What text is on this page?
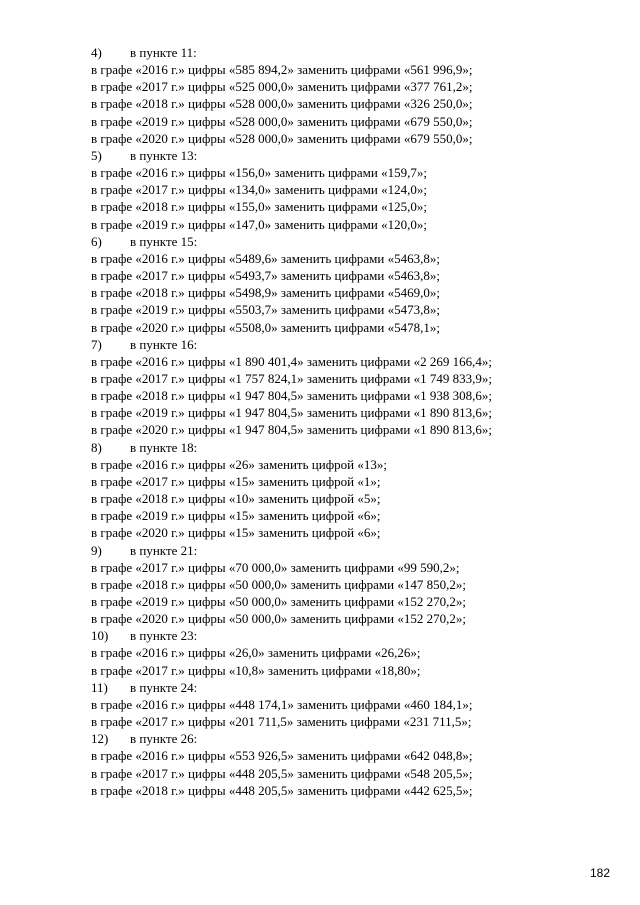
4)	в пункте 11:
в графе «2016 г.» цифры «585 894,2» заменить цифрами «561 996,9»;
в графе «2017 г.» цифры «525 000,0» заменить цифрами «377 761,2»;
в графе «2018 г.» цифры «528 000,0» заменить цифрами «326 250,0»;
в графе «2019 г.» цифры «528 000,0» заменить цифрами «679 550,0»;
в графе «2020 г.» цифры «528 000,0» заменить цифрами «679 550,0»;
5)	в пункте 13:
в графе «2016 г.» цифры «156,0» заменить цифрами «159,7»;
в графе «2017 г.» цифры «134,0» заменить цифрами «124,0»;
в графе «2018 г.» цифры «155,0» заменить цифрами «125,0»;
в графе «2019 г.» цифры «147,0» заменить цифрами «120,0»;
6)	в пункте 15:
в графе «2016 г.» цифры «5489,6» заменить цифрами «5463,8»;
в графе «2017 г.» цифры «5493,7» заменить цифрами «5463,8»;
в графе «2018 г.» цифры «5498,9» заменить цифрами «5469,0»;
в графе «2019 г.» цифры «5503,7» заменить цифрами «5473,8»;
в графе «2020 г.» цифры «5508,0» заменить цифрами «5478,1»;
7)	в пункте 16:
в графе «2016 г.» цифры «1 890 401,4» заменить цифрами «2 269 166,4»;
в графе «2017 г.» цифры «1 757 824,1» заменить цифрами «1 749 833,9»;
в графе «2018 г.» цифры «1 947 804,5» заменить цифрами «1 938 308,6»;
в графе «2019 г.» цифры «1 947 804,5» заменить цифрами «1 890 813,6»;
в графе «2020 г.» цифры «1 947 804,5» заменить цифрами «1 890 813,6»;
8)	в пункте 18:
в графе «2016 г.» цифры «26» заменить цифрой «13»;
в графе «2017 г.» цифры «15» заменить цифрой «1»;
в графе «2018 г.» цифры «10» заменить цифрой «5»;
в графе «2019 г.» цифры «15» заменить цифрой «6»;
в графе «2020 г.» цифры «15» заменить цифрой «6»;
9)	в пункте 21:
в графе «2017 г.» цифры «70 000,0» заменить цифрами «99 590,2»;
в графе «2018 г.» цифры «50 000,0» заменить цифрами «147 850,2»;
в графе «2019 г.» цифры «50 000,0» заменить цифрами «152 270,2»;
в графе «2020 г.» цифры «50 000,0» заменить цифрами «152 270,2»;
10)	в пункте 23:
в графе «2016 г.» цифры «26,0» заменить цифрами «26,26»;
в графе «2017 г.» цифры «10,8» заменить цифрами «18,80»;
11)	в пункте 24:
в графе «2016 г.» цифры «448 174,1» заменить цифрами «460 184,1»;
в графе «2017 г.» цифры «201 711,5» заменить цифрами «231 711,5»;
12)	в пункте 26:
в графе «2016 г.» цифры «553 926,5» заменить цифрами «642 048,8»;
в графе «2017 г.» цифры «448 205,5» заменить цифрами «548 205,5»;
в графе «2018 г.» цифры «448 205,5» заменить цифрами «442 625,5»;
182
